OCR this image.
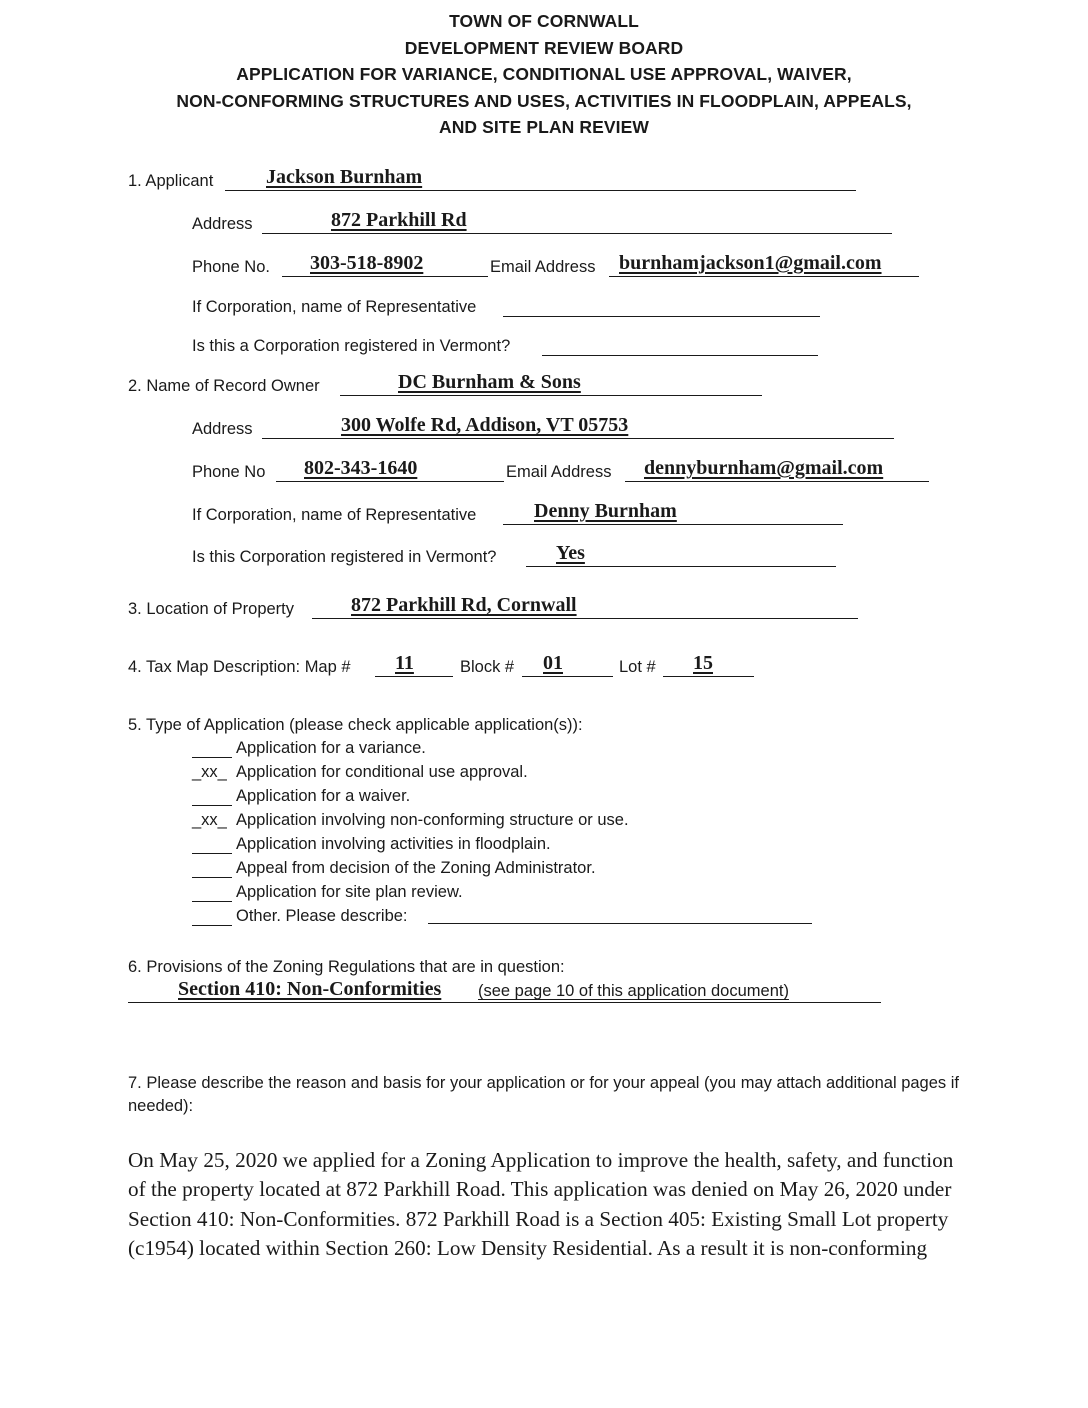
TOWN OF CORNWALL
DEVELOPMENT REVIEW BOARD
APPLICATION FOR VARIANCE, CONDITIONAL USE APPROVAL, WAIVER,
NON-CONFORMING STRUCTURES AND USES, ACTIVITIES IN FLOODPLAIN, APPEALS,
AND SITE PLAN REVIEW
1. Applicant	Jackson Burnham
Address	872 Parkhill Rd
Phone No. 303-518-8902	Email Address burnhamjackson1@gmail.com
If Corporation, name of Representative
Is this a Corporation registered in Vermont?
2. Name of Record Owner	DC Burnham & Sons
Address	300 Wolfe Rd, Addison, VT 05753
Phone No 802-343-1640	Email Address dennyburnham@gmail.com
If Corporation, name of Representative	Denny Burnham
Is this Corporation registered in Vermont?	Yes
3. Location of Property	872 Parkhill Rd, Cornwall
4. Tax Map Description: Map # 11	Block # 01	Lot # 15
5. Type of Application (please check applicable application(s)):
Application for a variance.
_xx_ Application for conditional use approval.
Application for a waiver.
_xx_ Application involving non-conforming structure or use.
Application involving activities in floodplain.
Appeal from decision of the Zoning Administrator.
Application for site plan review.
Other. Please describe:
6. Provisions of the Zoning Regulations that are in question:
Section 410: Non-Conformities (see page 10 of this application document)
7. Please describe the reason and basis for your application or for your appeal (you may attach additional pages if needed):
On May 25, 2020 we applied for a Zoning Application to improve the health, safety, and function of the property located at 872 Parkhill Road. This application was denied on May 26, 2020 under Section 410: Non-Conformities. 872 Parkhill Road is a Section 405: Existing Small Lot property (c1954) located within Section 260: Low Density Residential. As a result it is non-conforming
